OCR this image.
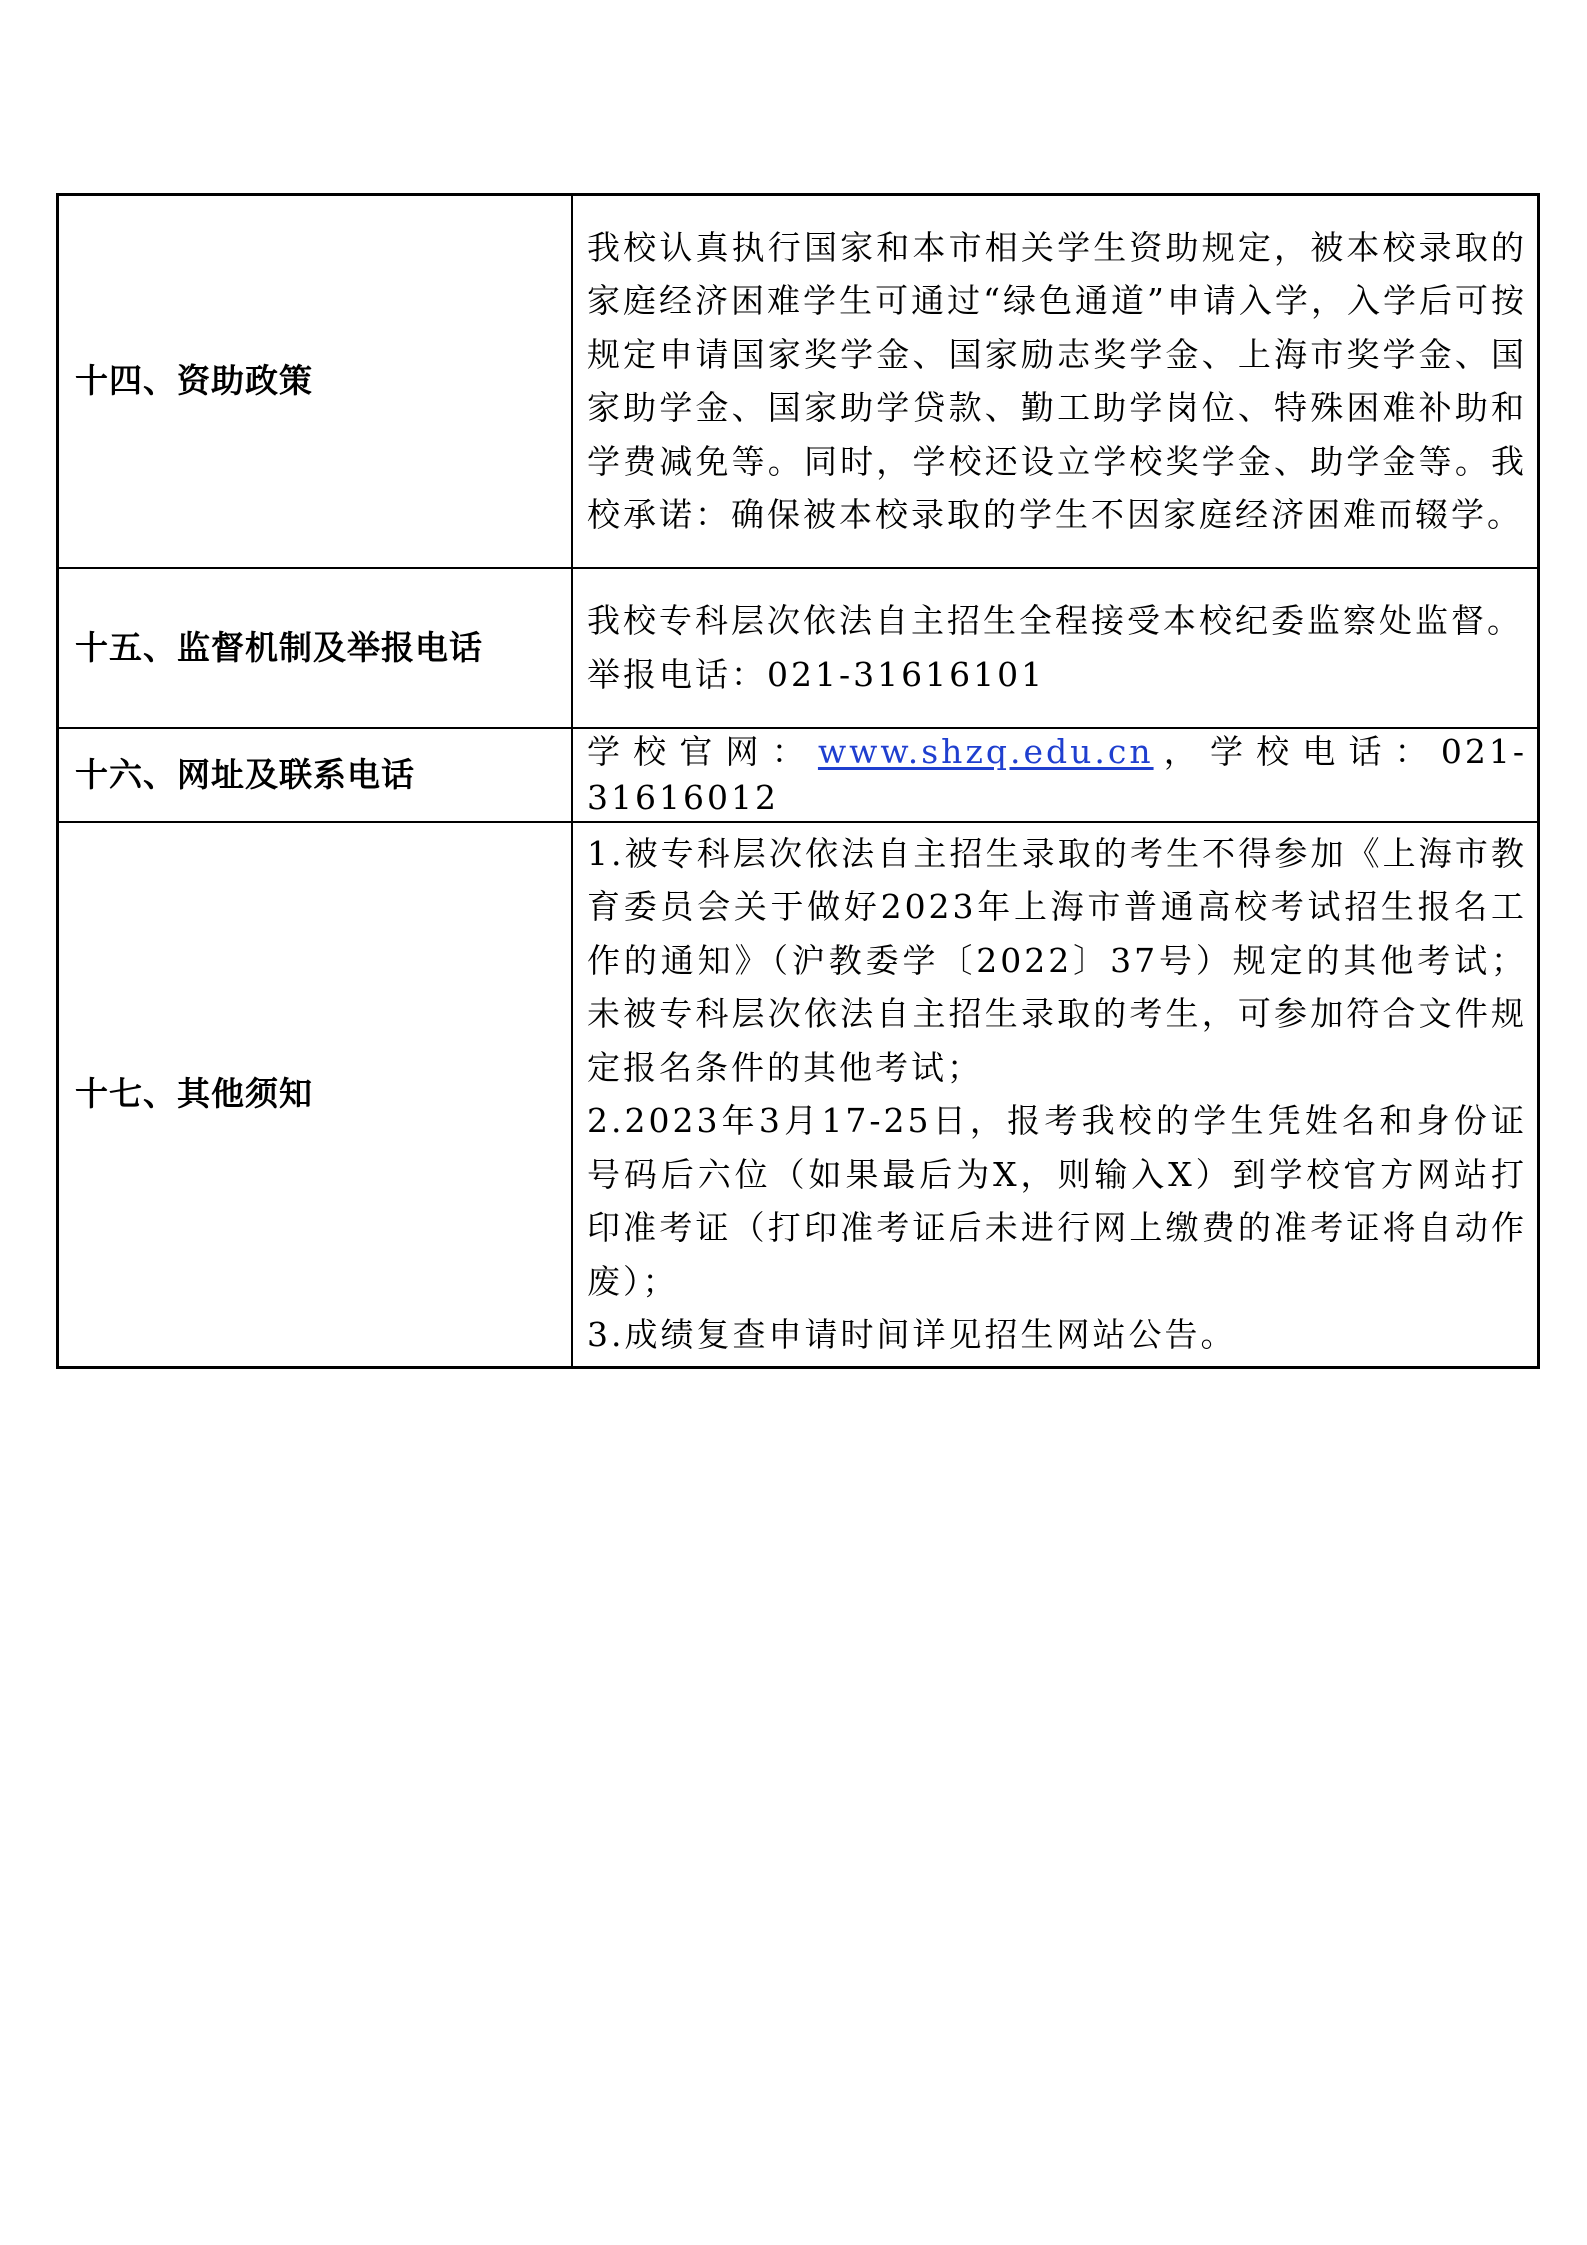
十四、资助政策	我校认真执行国家和本市相关学生资助规定，被本校录取的家庭经济困难学生可通过“绿色通道”申请入学，入学后可按规定申请国家奖学金、国家励志奖学金、上海市奖学金、国家助学金、国家助学贷款、勤工助学岗位、特殊困难补助和学费减免等。同时，学校还设立学校奖学金、助学金等。我校承诺：确保被本校录取的学生不因家庭经济困难而辍学。

十五、监督机制及举报电话	我校专科层次依法自主招生全程接受本校纪委监察处监督。

举报电话：021-31616101

十六、网址及联系电话	学校官网：www.shzq.edu.cn，学校电话：021-31616012
十七、其他须知	1.被专科层次依法自主招生录取的考生不得参加《上海市教育委员会关于做好2023年上海市普通高校考试招生报名工作的通知》（沪教委学〔2022〕37号）规定的其他考试；未被专科层次依法自主招生录取的考生，可参加符合文件规定报名条件的其他考试；

2.2023年3月17-25日，报考我校的学生凭姓名和身份证号码后六位（如果最后为X，则输入X）到学校官方网站打印准考证（打印准考证后未进行网上缴费的准考证将自动作废）；

3.成绩复查申请时间详见招生网站公告。
